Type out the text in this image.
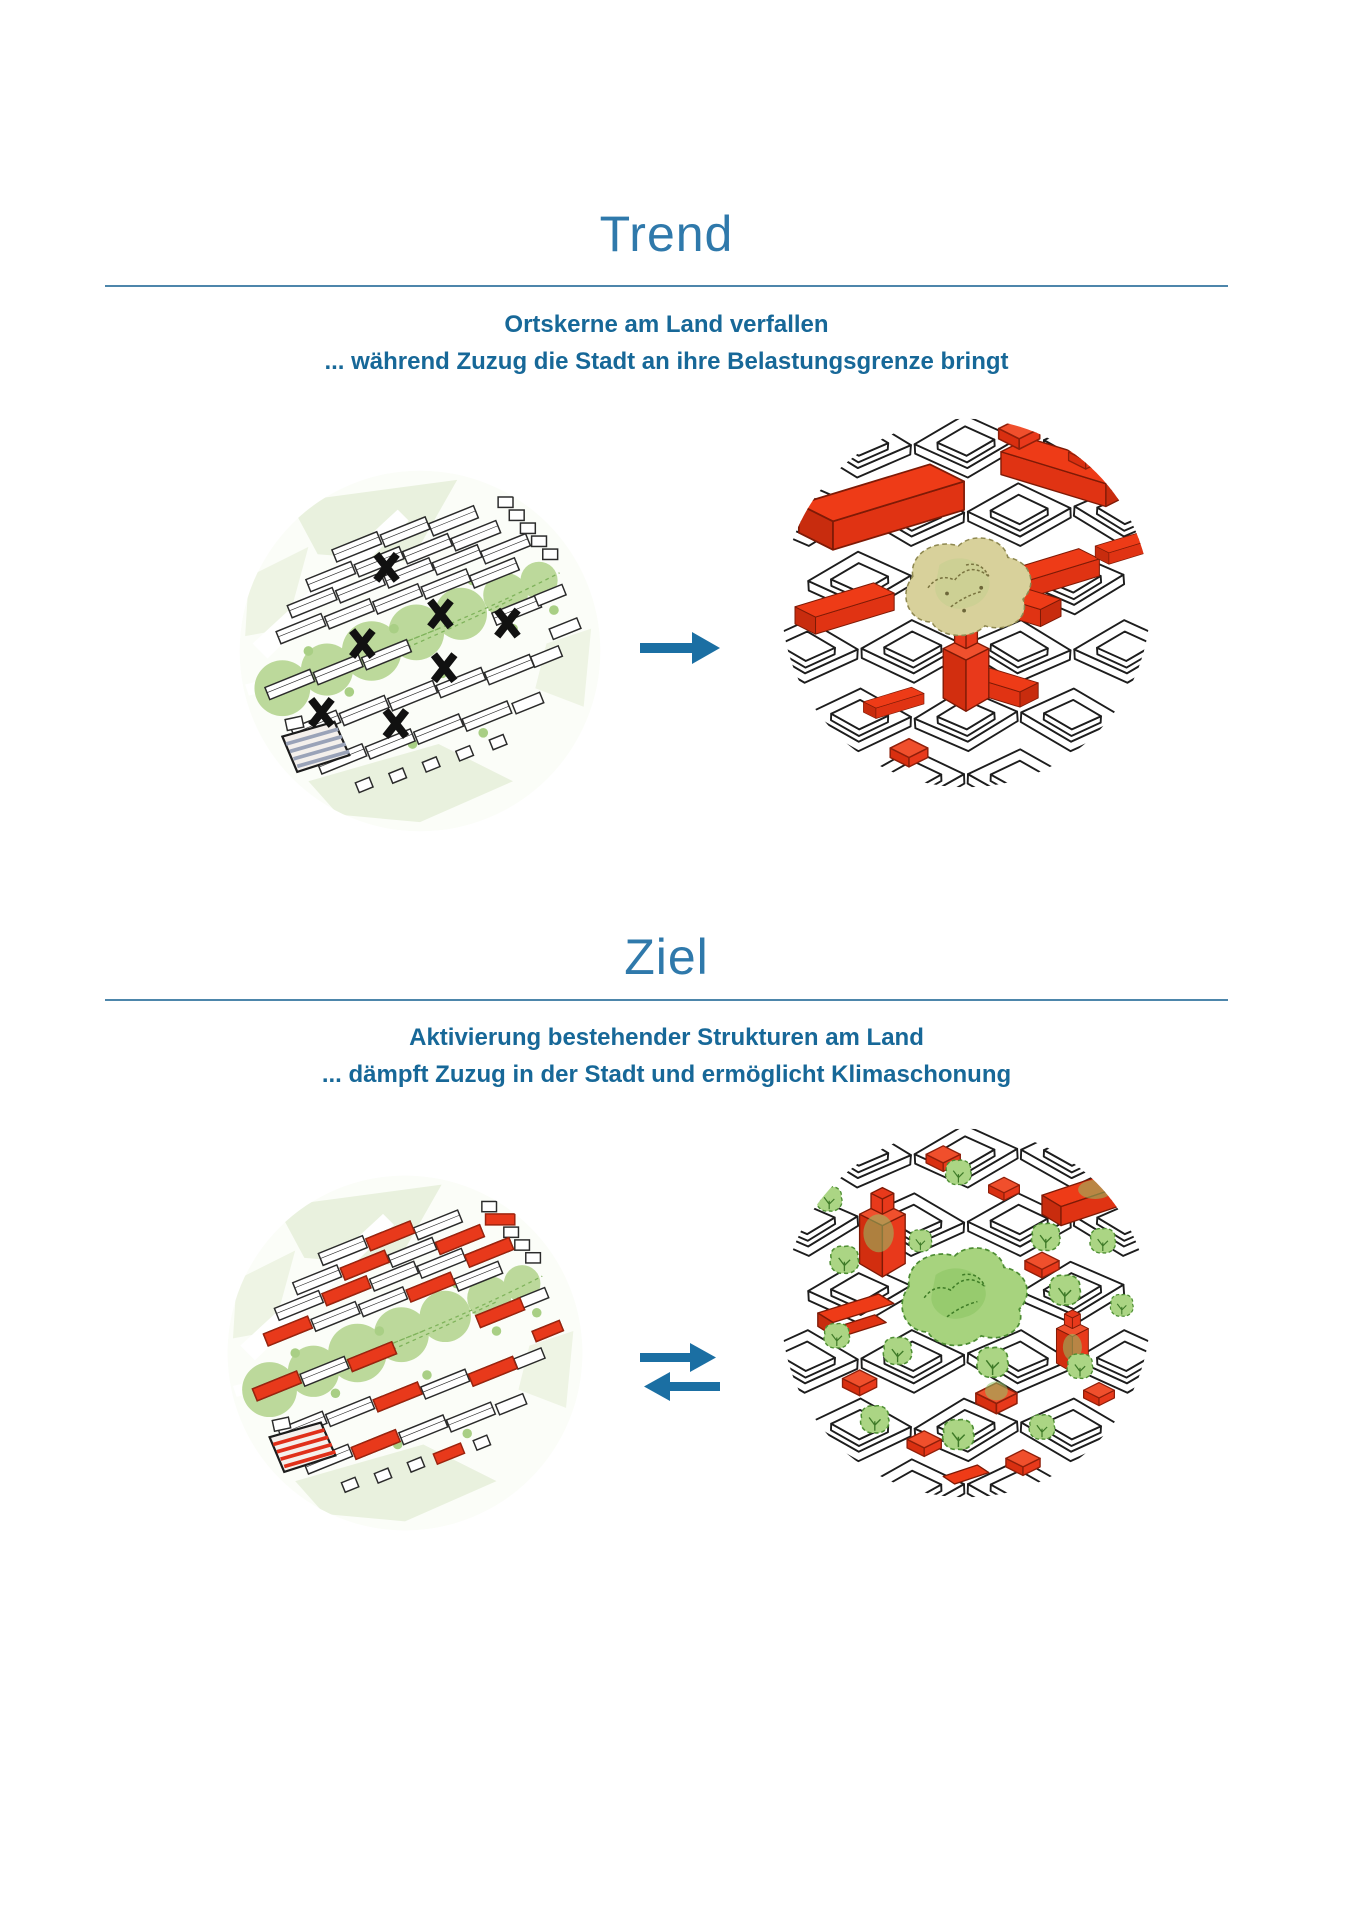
Trend
Ortskerne am Land verfallen
... während Zuzug die Stadt an ihre Belastungsgrenze bringt
Ziel
Aktivierung bestehender Strukturen am Land
... dämpft Zuzug in der Stadt und ermöglicht Klimaschonung
